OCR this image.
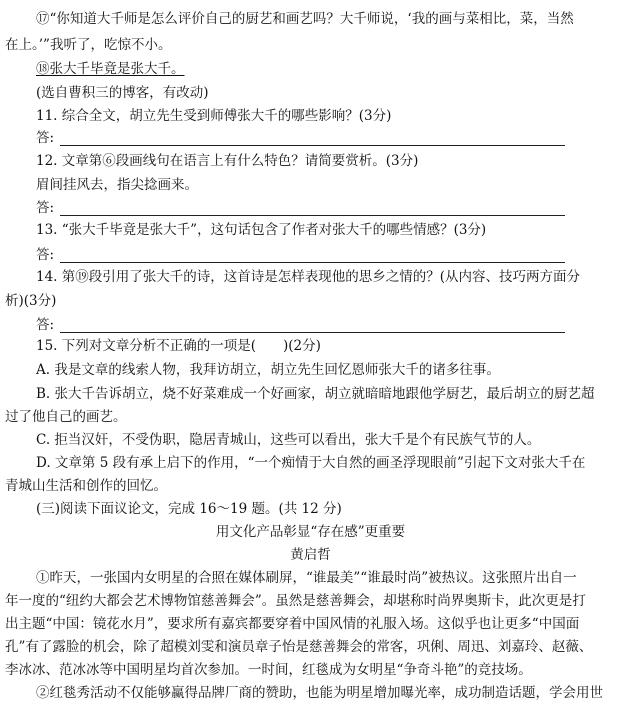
⑰“你知道大千师是怎么评价自己的厨艺和画艺吗？大千师说，‘我的画与菜相比，菜，当然
在上。’”我听了，吃惊不小。
⑱张大千毕竟是张大千。
(选自曹积三的博客，有改动)
11. 综合全文，胡立先生受到师傅张大千的哪些影响？(3分)
答:
12. 文章第⑥段画线句在语言上有什么特色？请简要赏析。(3分)
眉间挂风去，指尖捻画来。
答:
13. “张大千毕竟是张大千”，这句话包含了作者对张大千的哪些情感？(3分)
答:
14. 第⑲段引用了张大千的诗，这首诗是怎样表现他的思乡之情的？(从内容、技巧两方面分
析)(3分)
答:
15. 下列对文章分析不正确的一项是(　　)(2分)
A. 我是文章的线索人物，我拜访胡立，胡立先生回忆恩师张大千的诸多往事。
B. 张大千告诉胡立，烧不好菜难成一个好画家，胡立就暗暗地跟他学厨艺，最后胡立的厨艺超
过了他自己的画艺。
C. 拒当汉奸，不受伪职，隐居青城山，这些可以看出，张大千是个有民族气节的人。
D. 文章第 5 段有承上启下的作用，“一个痴情于大自然的画圣浮现眼前”引起下文对张大千在
青城山生活和创作的回忆。
(三)阅读下面议论文，完成 16～19 题。(共 12 分)
用文化产品彰显“存在感”更重要
黄启哲
①昨天，一张国内女明星的合照在媒体刷屏，“谁最美”“谁最时尚”被热议。这张照片出自一
年一度的“纽约大都会艺术博物馆慈善舞会”。虽然是慈善舞会，却堪称时尚界奥斯卡，此次更是打
出主题“中国：镜花水月”，要求所有嘉宾都要穿着中国风情的礼服入场。这似乎也让更多“中国面
孔”有了露脸的机会，除了超模刘雯和演员章子怡是慈善舞会的常客，巩俐、周迅、刘嘉玲、赵薇、
李冰冰、范冰冰等中国明星均首次参加。一时间，红毯成为女明星“争奇斗艳”的竞技场。
②红毯秀活动不仅能够赢得品牌厂商的赞助，也能为明星增加曝光率，成功制造话题，学会用世
